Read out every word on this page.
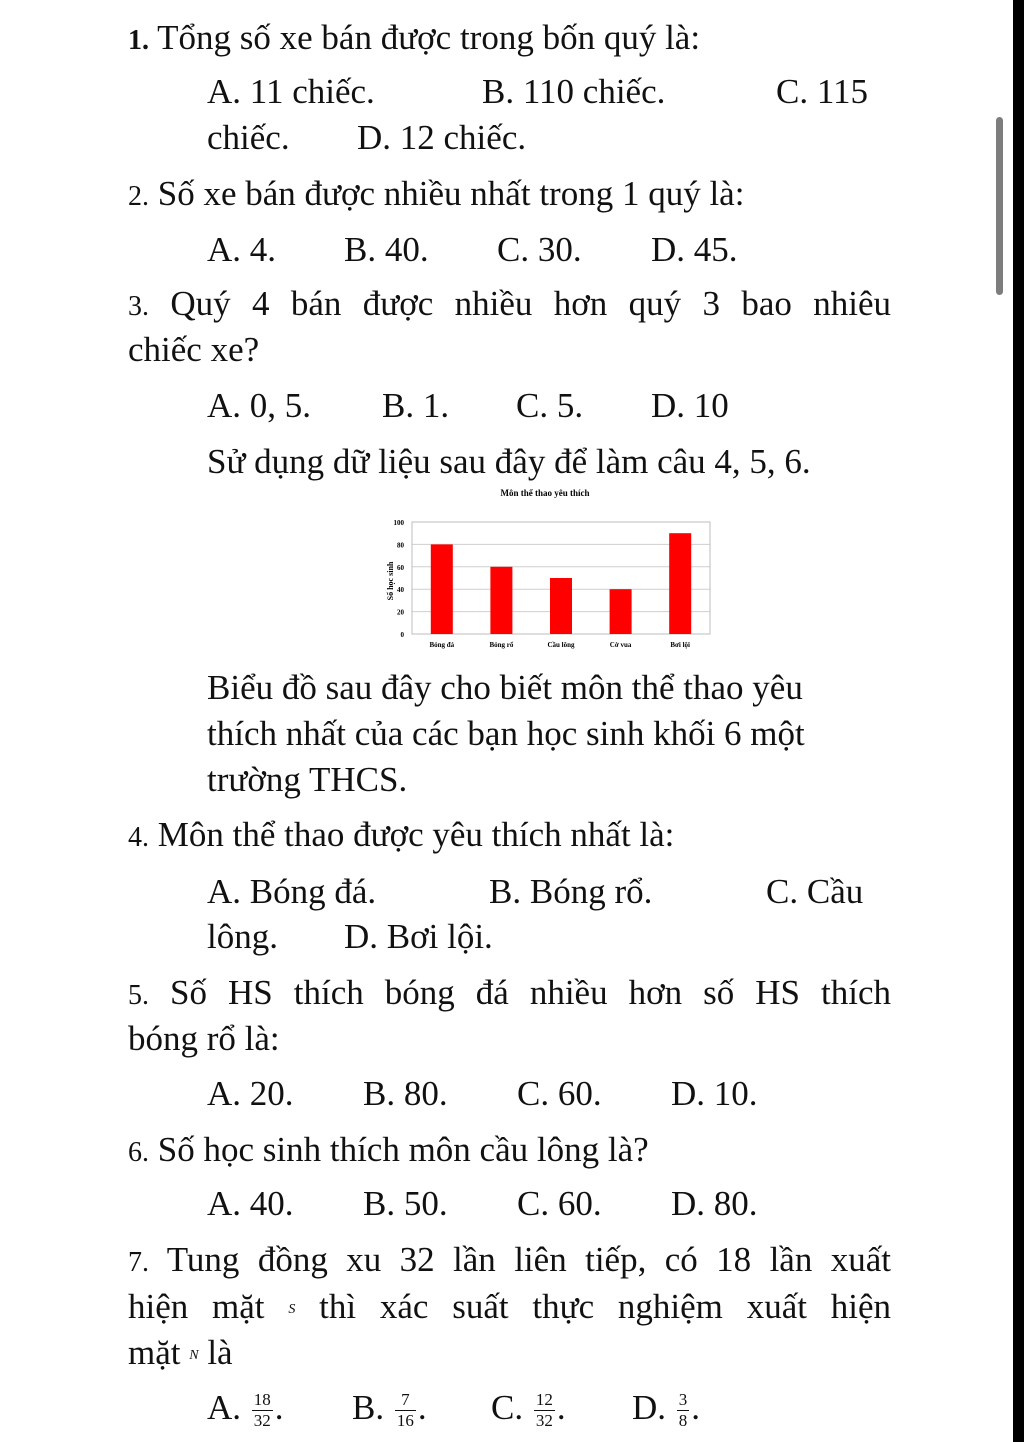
1. Tổng số xe bán được trong bốn quý là:
A. 11 chiếc.	B. 110 chiếc.	C. 115
chiếc. D. 12 chiếc.
2. Số xe bán được nhiều nhất trong 1 quý là:
A. 4. B. 40. C. 30. D. 45.
3. Quý 4 bán được nhiều hơn quý 3 bao nhiêu
chiếc xe?
A. 0, 5. B. 1. C. 5. D. 10
Sử dụng dữ liệu sau đây để làm câu 4, 5, 6.
Môn thể thao yêu thích
Số học sinh
0
20
40
60
80
100
Bóng đá	Bóng rổ	Cầu lông	Cờ vua	Bơi lội
Biểu đồ sau đây cho biết môn thể thao yêu
thích nhất của các bạn học sinh khối 6 một
trường THCS.
4. Môn thể thao được yêu thích nhất là:
A. Bóng đá.	B. Bóng rổ.	C. Cầu
lông. D. Bơi lội.
5. Số HS thích bóng đá nhiều hơn số HS thích
bóng rổ là:
A. 20. B. 80. C. 60. D. 10.
6. Số học sinh thích môn cầu lông là?
A. 40. B. 50. C. 60. D. 80.
7. Tung đồng xu 32 lần liên tiếp, có 18 lần xuất
hiện mặt S thì xác suất thực nghiệm xuất hiện
mặt N là
A. $\frac{18}{32}$ . B. $\frac{7}{16}$ . C. $\frac{12}{32}$ . D. $\frac{3}{8}$ .
